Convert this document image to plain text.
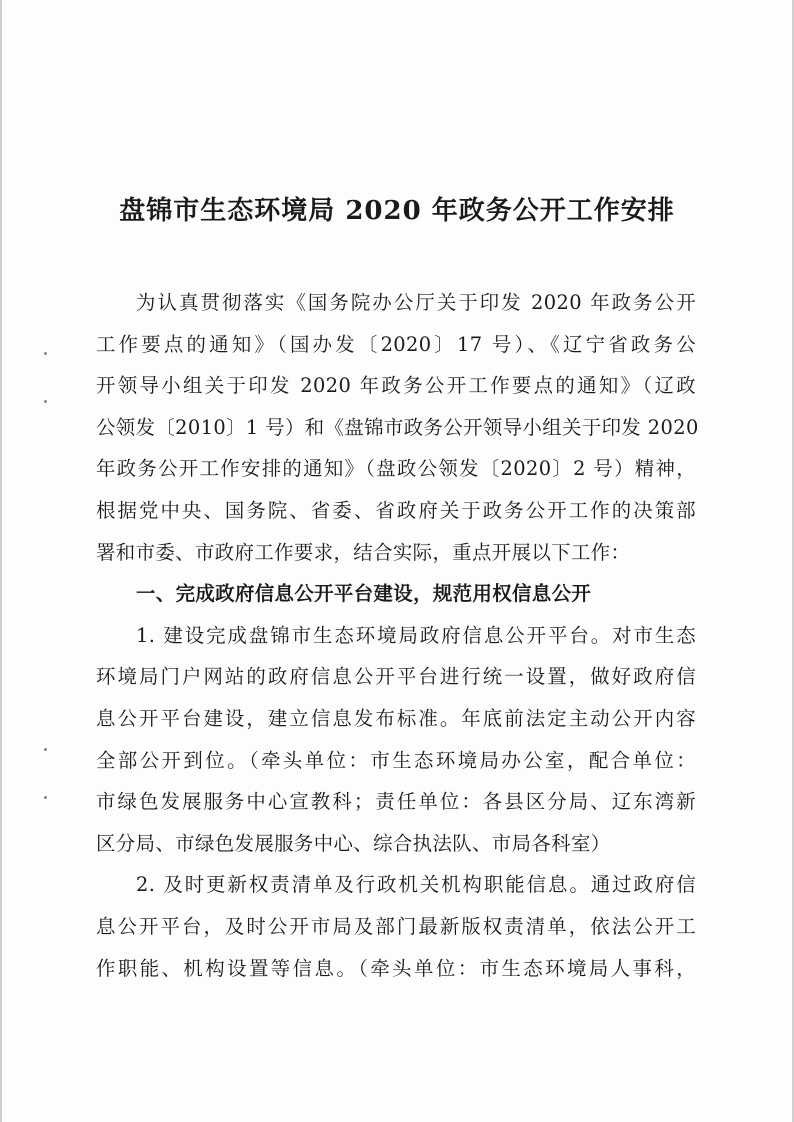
盘锦市生态环境局 2020 年政务公开工作安排
为认真贯彻落实《国务院办公厅关于印发 2020 年政务公开
工作要点的通知》（国办发〔2020〕17 号）、《辽宁省政务公
开领导小组关于印发 2020 年政务公开工作要点的通知》（辽政
公领发〔2010〕1 号）和《盘锦市政务公开领导小组关于印发 2020
年政务公开工作安排的通知》（盘政公领发〔2020〕2 号）精神，
根据党中央、国务院、省委、省政府关于政务公开工作的决策部
署和市委、市政府工作要求，结合实际，重点开展以下工作：
一、完成政府信息公开平台建设，规范用权信息公开
1. 建设完成盘锦市生态环境局政府信息公开平台。对市生态
环境局门户网站的政府信息公开平台进行统一设置，做好政府信
息公开平台建设，建立信息发布标准。年底前法定主动公开内容
全部公开到位。（牵头单位：市生态环境局办公室，配合单位：
市绿色发展服务中心宣教科；责任单位：各县区分局、辽东湾新
区分局、市绿色发展服务中心、综合执法队、市局各科室）
2. 及时更新权责清单及行政机关机构职能信息。通过政府信
息公开平台，及时公开市局及部门最新版权责清单，依法公开工
作职能、机构设置等信息。（牵头单位：市生态环境局人事科，
